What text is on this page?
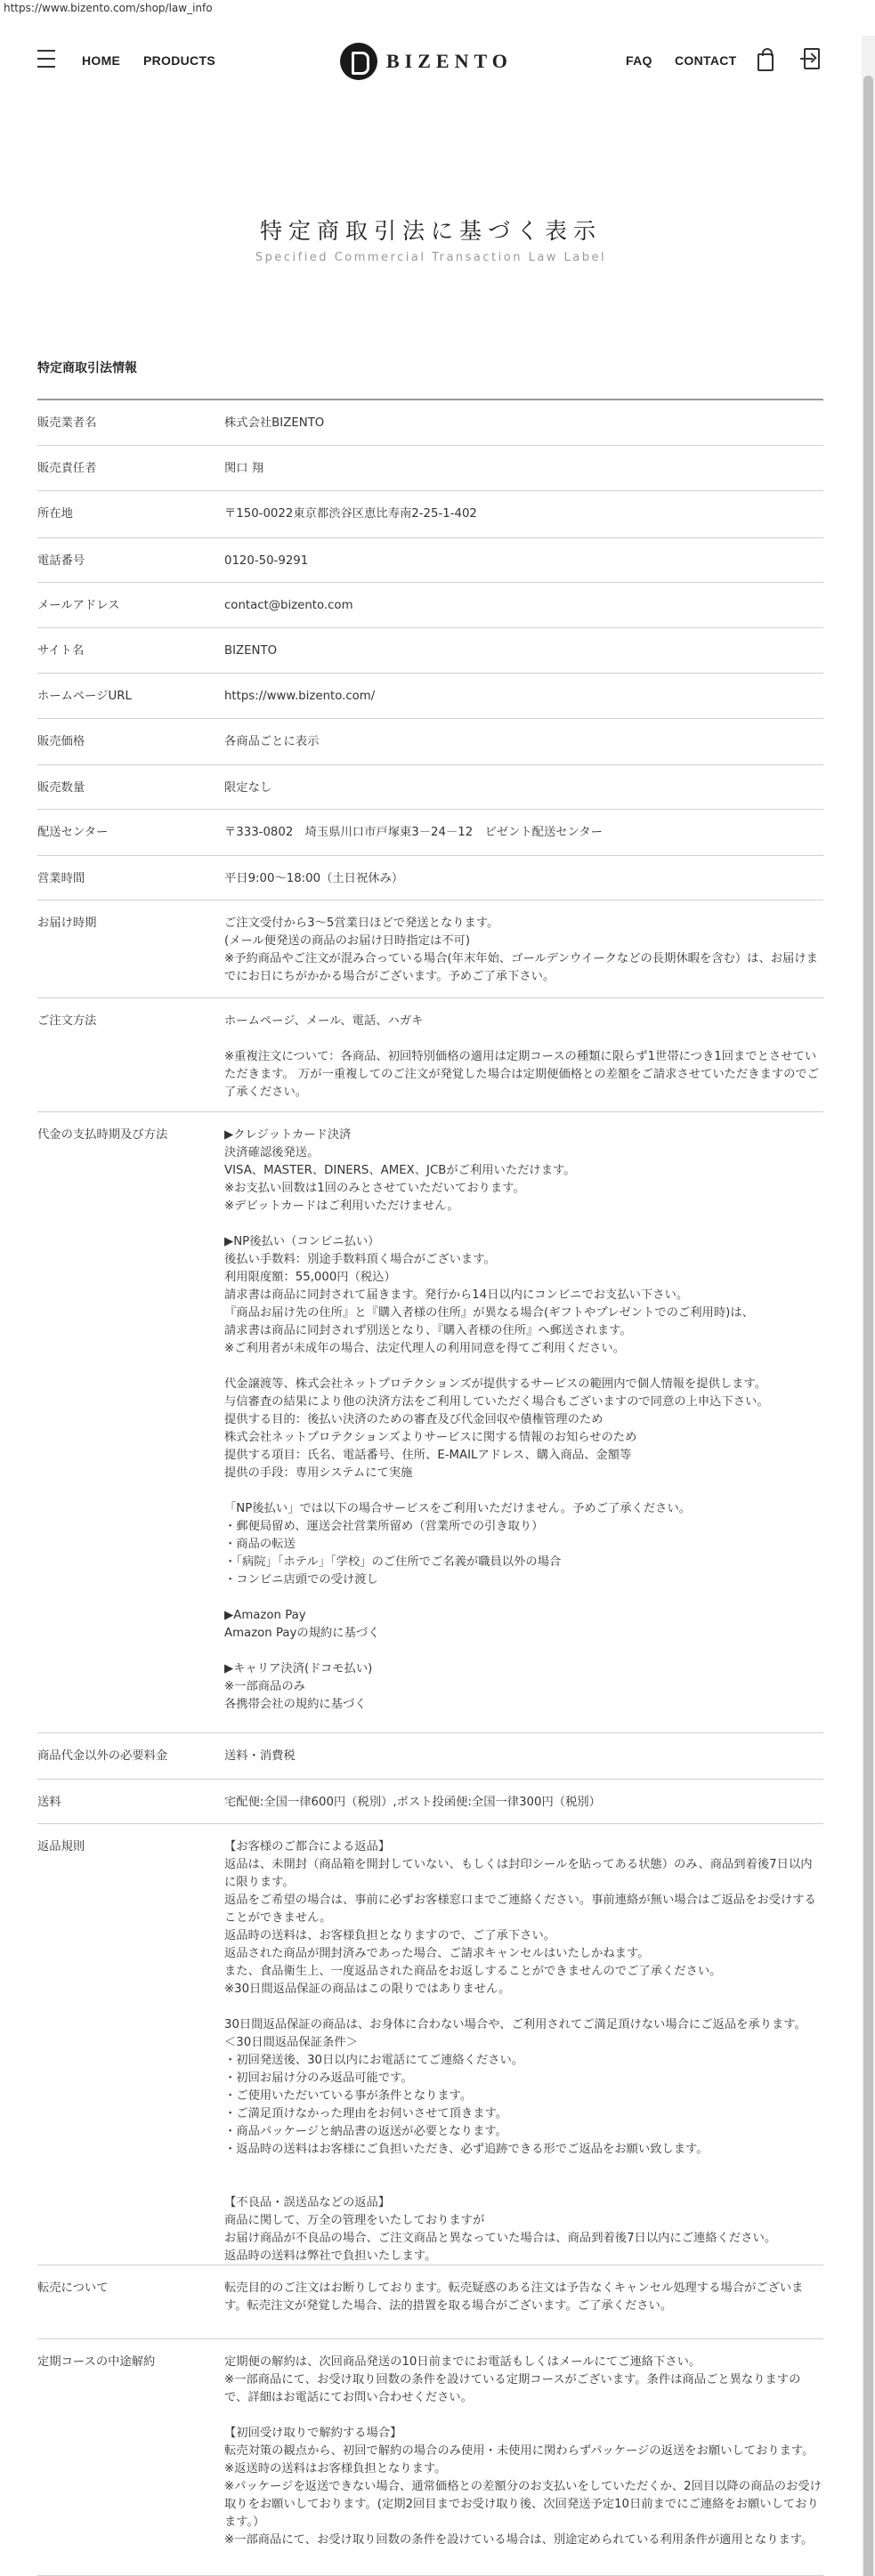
https://www.bizento.com/shop/law_info
HOME PRODUCTS	BIZENTO	FAQ CONTACT
特定商取引法に基づく表示
Specified Commercial Transaction Law Label
特定商取引法情報
販売業者名	株式会社BIZENTO
販売責任者	関口 翔
所在地	〒150-0022東京都渋谷区恵比寿南2-25-1-402
電話番号	0120-50-9291
メールアドレス	contact@bizento.com
サイト名	BIZENTO
ホームページURL	https://www.bizento.com/
販売価格	各商品ごとに表示
販売数量	限定なし
配送センター	〒333-0802　埼玉県川口市戸塚東3－24－12　ビゼント配送センター
営業時間	平日9:00〜18:00（土日祝休み）
お届け時期	ご注文受付から3〜5営業日ほどで発送となります。
(メール便発送の商品のお届け日時指定は不可)
※予約商品やご注文が混み合っている場合(年末年始、ゴールデンウイークなどの長期休暇を含む）は、お届けまでにお日にちがかかる場合がございます。予めご了承下さい。
ご注文方法	ホームページ、メール、電話、ハガキ

※重複注文について：各商品、初回特別価格の適用は定期コースの種類に限らず1世帯につき1回までとさせていただきます。 万が一重複してのご注文が発覚した場合は定期便価格との差額をご請求させていただきますのでご了承ください。
代金の支払時期及び方法	▶クレジットカード決済
決済確認後発送。
VISA、MASTER、DINERS、AMEX、JCBがご利用いただけます。
※お支払い回数は1回のみとさせていただいております。
※デビットカードはご利用いただけません。

▶NP後払い（コンビニ払い）
後払い手数料：別途手数料頂く場合がございます。
利用限度額：55,000円（税込）
請求書は商品に同封されて届きます。発行から14日以内にコンビニでお支払い下さい。
『商品お届け先の住所』と『購入者様の住所』が異なる場合(ギフトやプレゼントでのご利用時)は、
請求書は商品に同封されず別送となり、『購入者様の住所』へ郵送されます。
※ご利用者が未成年の場合、法定代理人の利用同意を得てご利用ください。

代金譲渡等、株式会社ネットプロテクションズが提供するサービスの範囲内で個人情報を提供します。
与信審査の結果により他の決済方法をご利用していただく場合もございますので同意の上申込下さい。
提供する目的：後払い決済のための審査及び代金回収や債権管理のため
株式会社ネットプロテクションズよりサービスに関する情報のお知らせのため
提供する項目：氏名、電話番号、住所、E-MAILアドレス、購入商品、金額等
提供の手段：専用システムにて実施

「NP後払い」では以下の場合サービスをご利用いただけません。予めご了承ください。
・郵便局留め、運送会社営業所留め（営業所での引き取り）
・商品の転送
・「病院」「ホテル」「学校」のご住所でご名義が職員以外の場合
・コンビニ店頭での受け渡し

▶Amazon Pay
Amazon Payの規約に基づく

▶キャリア決済(ドコモ払い)
※一部商品のみ
各携帯会社の規約に基づく
商品代金以外の必要料金	送料・消費税
送料	宅配便:全国一律600円（税別）,ポスト投函便:全国一律300円（税別）
返品規則	【お客様のご都合による返品】
返品は、未開封（商品箱を開封していない、もしくは封印シールを貼ってある状態）のみ、商品到着後7日以内に限ります。
返品をご希望の場合は、事前に必ずお客様窓口までご連絡ください。事前連絡が無い場合はご返品をお受けすることができません。
返品時の送料は、お客様負担となりますので、ご了承下さい。
返品された商品が開封済みであった場合、ご請求キャンセルはいたしかねます。
また、食品衛生上、一度返品された商品をお返しすることができませんのでご了承ください。
※30日間返品保証の商品はこの限りではありません。

30日間返品保証の商品は、お身体に合わない場合や、ご利用されてご満足頂けない場合にご返品を承ります。
＜30日間返品保証条件＞
・初回発送後、30日以内にお電話にてご連絡ください。
・初回お届け分のみ返品可能です。
・ご使用いただいている事が条件となります。
・ご満足頂けなかった理由をお伺いさせて頂きます。
・商品パッケージと納品書の返送が必要となります。
・返品時の送料はお客様にご負担いただき、必ず追跡できる形でご返品をお願い致します。

【不良品・誤送品などの返品】
商品に関して、万全の管理をいたしておりますが
お届け商品が不良品の場合、ご注文商品と異なっていた場合は、商品到着後7日以内にご連絡ください。
返品時の送料は弊社で負担いたします。
転売について	転売目的のご注文はお断りしております。転売疑惑のある注文は予告なくキャンセル処理する場合がございます。転売注文が発覚した場合、法的措置を取る場合がございます。ご了承ください。
定期コースの中途解約	定期便の解約は、次回商品発送の10日前までにお電話もしくはメールにてご連絡下さい。
※一部商品にて、お受け取り回数の条件を設けている定期コースがございます。条件は商品ごと異なりますので、詳細はお電話にてお問い合わせください。

【初回受け取りで解約する場合】
転売対策の観点から、初回で解約の場合のみ使用・未使用に関わらずパッケージの返送をお願いしております。
※返送時の送料はお客様負担となります。
※パッケージを返送できない場合、通常価格との差額分のお支払いをしていただくか、2回目以降の商品のお受け取りをお願いしております。(定期2回目までお受け取り後、次回発送予定10日前までにご連絡をお願いしております。）
※一部商品にて、お受け取り回数の条件を設けている場合は、別途定められている利用条件が適用となります。
